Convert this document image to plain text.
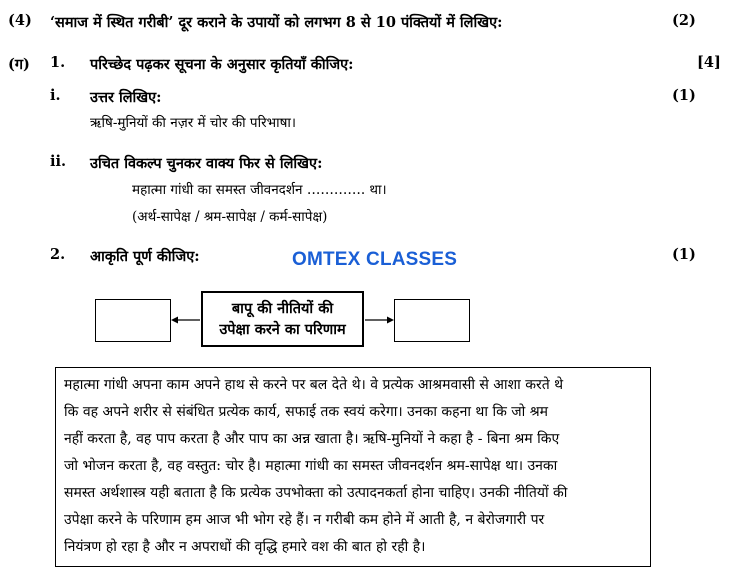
(4) ‘समाज में स्थित गरीबी’ दूर कराने के उपायों को लगभग 8 से 10 पंक्तियों में लिखिए:	(2)
(ग) 1. परिच्छेद पढ़कर सूचना के अनुसार कृतियाँ कीजिए:	[4]
i. उत्तर लिखिए:	(1)
ऋषि-मुनियों की नज़र में चोर की परिभाषा।
ii. उचित विकल्प चुनकर वाक्य फिर से लिखिए:
महात्मा गांधी का समस्त जीवनदर्शन …………. था।
(अर्थ-सापेक्ष / श्रम-सापेक्ष / कर्म-सापेक्ष)
2. आकृति पूर्ण कीजिए:	OMTEX CLASSES	(1)
बापू की नीतियों की
उपेक्षा करने का परिणाम
महात्मा गांधी अपना काम अपने हाथ से करने पर बल देते थे। वे प्रत्येक आश्रमवासी से आशा करते थे
कि वह अपने शरीर से संबंधित प्रत्येक कार्य, सफाई तक स्वयं करेगा। उनका कहना था कि जो श्रम
नहीं करता है, वह पाप करता है और पाप का अन्न खाता है। ऋषि-मुनियों ने कहा है - बिना श्रम किए
जो भोजन करता है, वह वस्तुत: चोर है। महात्मा गांधी का समस्त जीवनदर्शन श्रम-सापेक्ष था। उनका
समस्त अर्थशास्त्र यही बताता है कि प्रत्येक उपभोक्ता को उत्पादनकर्ता होना चाहिए। उनकी नीतियों की
उपेक्षा करने के परिणाम हम आज भी भोग रहे हैं। न गरीबी कम होने में आती है, न बेरोजगारी पर
नियंत्रण हो रहा है और न अपराधों की वृद्धि हमारे वश की बात हो रही है।
